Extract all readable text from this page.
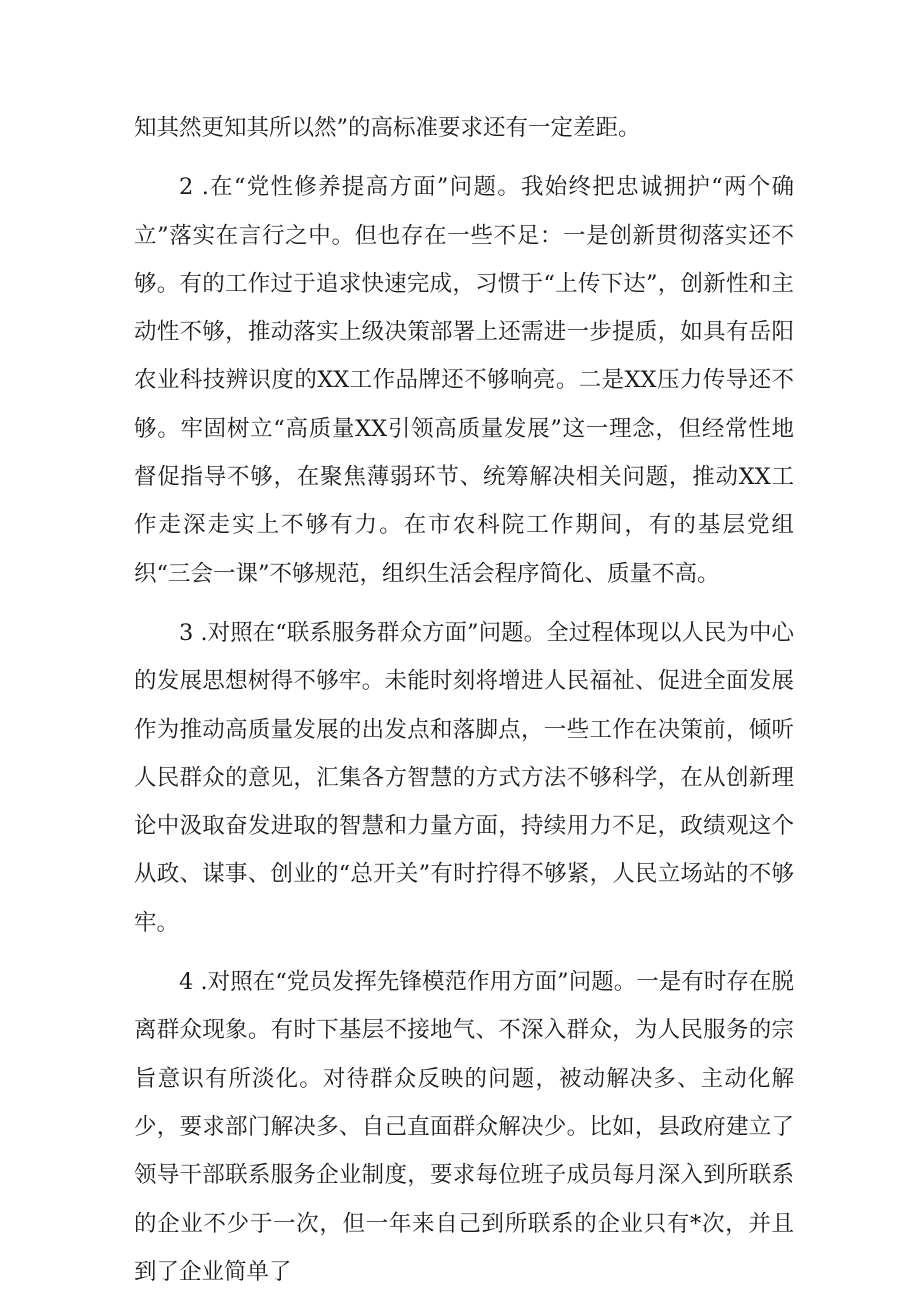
知其然更知其所以然”的高标准要求还有一定差距。

2 .在“党性修养提高方面”问题。我始终把忠诚拥护“两个确立”落实在言行之中。但也存在一些不足：一是创新贯彻落实还不够。有的工作过于追求快速完成，习惯于“上传下达”，创新性和主动性不够，推动落实上级决策部署上还需进一步提质，如具有岳阳农业科技辨识度的XX工作品牌还不够响亮。二是XX压力传导还不够。牢固树立“高质量XX引领高质量发展”这一理念，但经常性地督促指导不够，在聚焦薄弱环节、统筹解决相关问题，推动XX工作走深走实上不够有力。在市农科院工作期间，有的基层党组织“三会一课”不够规范，组织生活会程序简化、质量不高。

3 .对照在“联系服务群众方面”问题。全过程体现以人民为中心的发展思想树得不够牢。未能时刻将增进人民福祉、促进全面发展作为推动高质量发展的出发点和落脚点，一些工作在决策前，倾听人民群众的意见，汇集各方智慧的方式方法不够科学，在从创新理论中汲取奋发进取的智慧和力量方面，持续用力不足，政绩观这个从政、谋事、创业的“总开关”有时拧得不够紧，人民立场站的不够牢。

4 .对照在“党员发挥先锋模范作用方面”问题。一是有时存在脱离群众现象。有时下基层不接地气、不深入群众，为人民服务的宗旨意识有所淡化。对待群众反映的问题，被动解决多、主动化解少，要求部门解决多、自己直面群众解决少。比如，县政府建立了领导干部联系服务企业制度，要求每位班子成员每月深入到所联系的企业不少于一次，但一年来自己到所联系的企业只有*次，并且到了企业简单了
